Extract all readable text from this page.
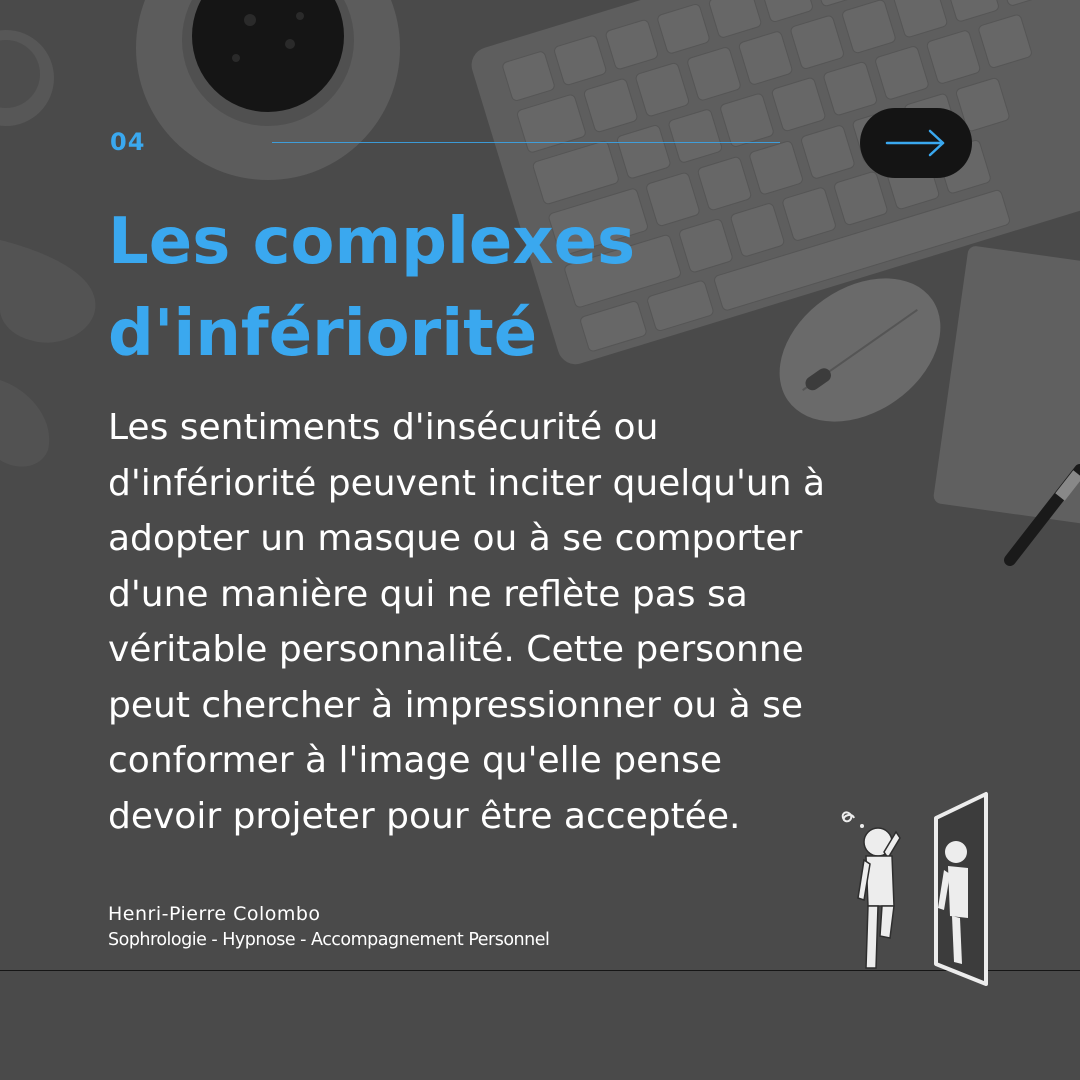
04
Les complexes
d'infériorité

Les sentiments d'insécurité ou
d'infériorité peuvent inciter quelqu'un à
adopter un masque ou à se comporter
d'une manière qui ne reflète pas sa
véritable personnalité. Cette personne
peut chercher à impressionner ou à se
conformer à l'image qu'elle pense
devoir projeter pour être acceptée.

Henri-Pierre Colombo
Sophrologie - Hypnose - Accompagnement Personnel
